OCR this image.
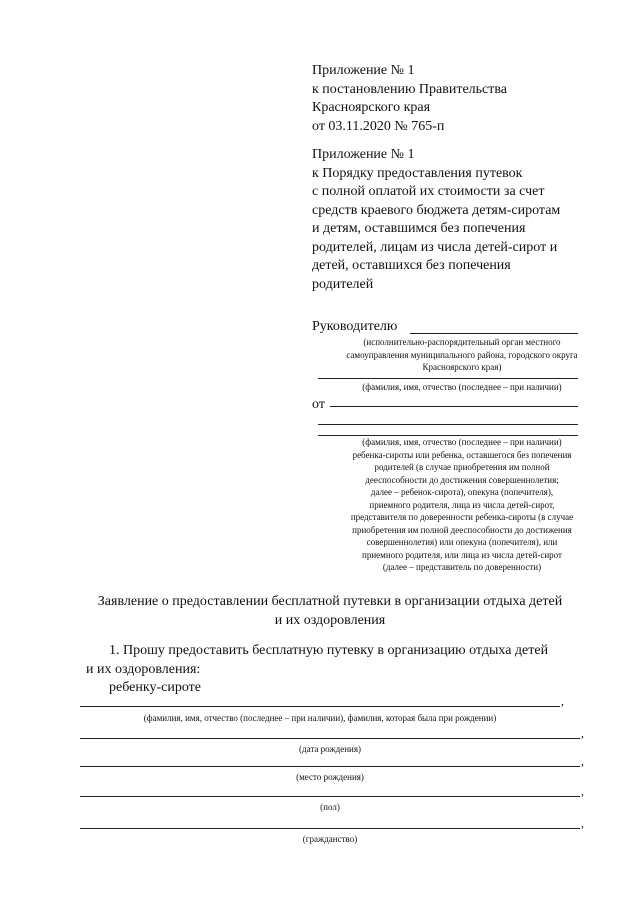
Приложение № 1
к постановлению Правительства
Красноярского края
от 03.11.2020 № 765-п
Приложение № 1
к Порядку предоставления путевок
с полной оплатой их стоимости за счет
средств краевого бюджета детям-сиротам
и детям, оставшимся без попечения
родителей, лицам из числа детей-сирот и
детей, оставшихся без попечения
родителей
Руководителю
(исполнительно-распорядительный орган местного
самоуправления муниципального района, городского округа
Красноярского края)
(фамилия, имя, отчество (последнее – при наличии)
от
(фамилия, имя, отчество (последнее – при наличии)
ребенка-сироты или ребенка, оставшегося без попечения
родителей (в случае приобретения им полной
дееспособности до достижения совершеннолетия;
далее – ребенок-сирота), опекуна (попечителя),
приемного родителя, лица из числа детей-сирот,
представителя по доверенности ребенка-сироты (в случае
приобретения им полной дееспособности до достижения
совершеннолетия) или опекуна (попечителя), или
приемного родителя, или лица из числа детей-сирот
(далее – представитель по доверенности)
Заявление о предоставлении бесплатной путевки в организации отдыха детей
и их оздоровления
1. Прошу предоставить бесплатную путевку в организацию отдыха детей
и их оздоровления:
ребенку-сироте
,
(фамилия, имя, отчество (последнее – при наличии), фамилия, которая была при рождении)
,
(дата рождения)
,
(место рождения)
,
(пол)
,
(гражданство)
